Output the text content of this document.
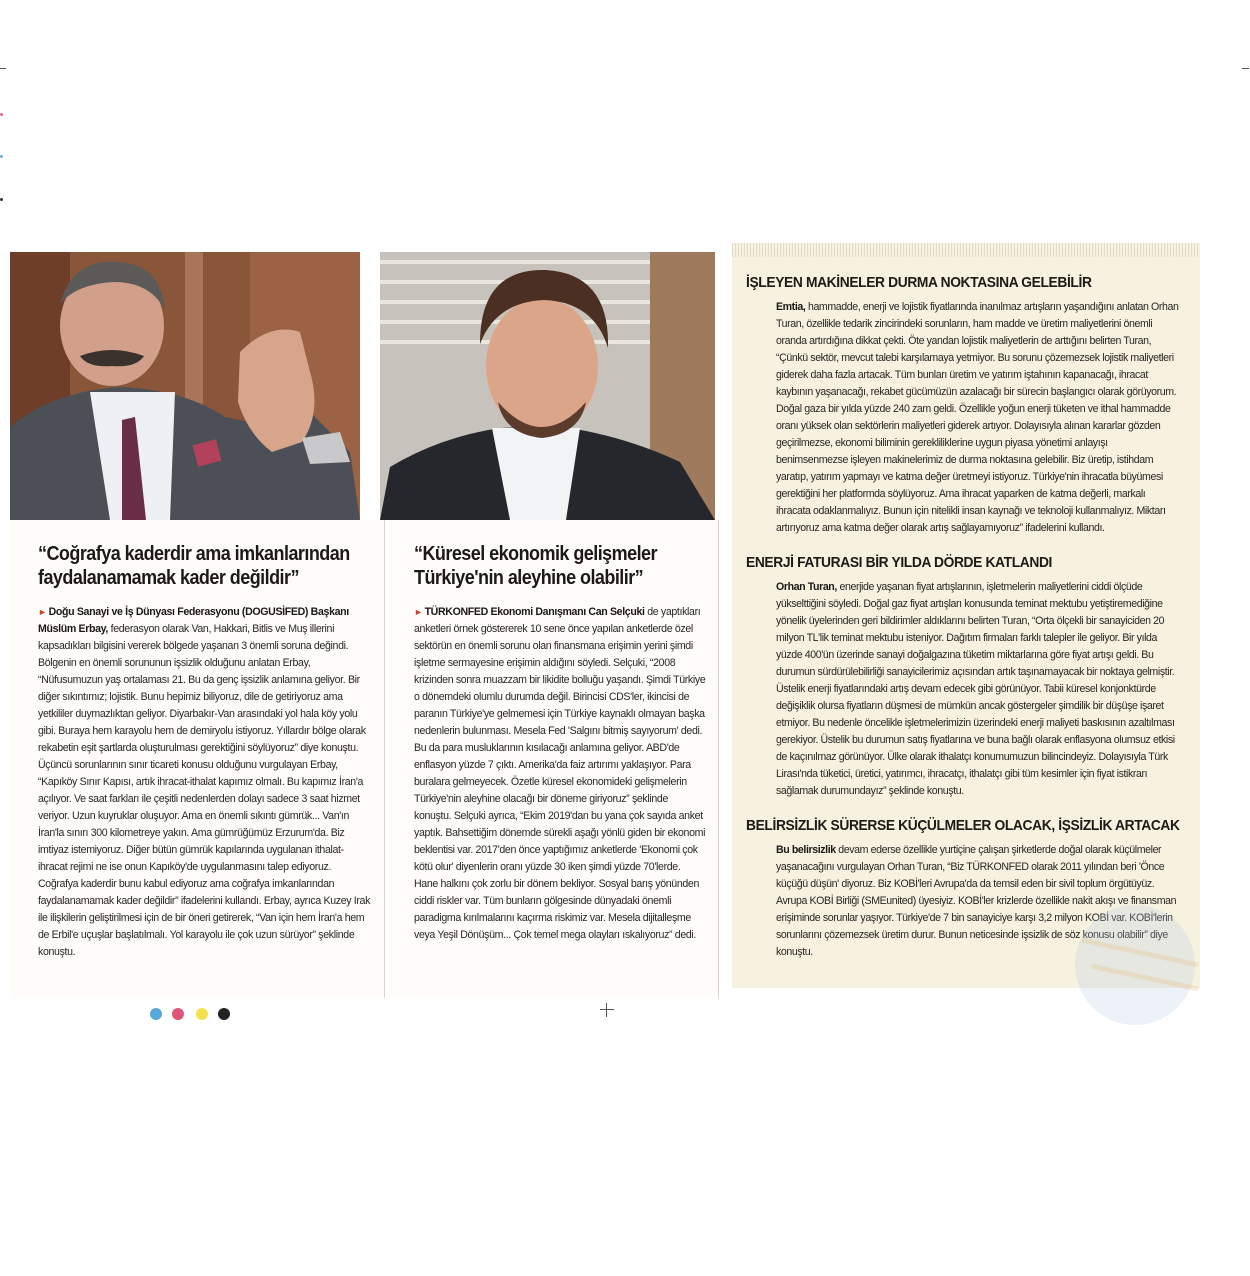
“Coğrafya kaderdir ama imkanlarından faydalanamamak kader değildir”
► Doğu Sanayi ve İş Dünyası Federasyonu (DOGUSİFED) Başkanı Müslüm Erbay, federasyon olarak Van, Hakkari, Bitlis ve Muş illerini kapsadıkları bilgisini vererek bölgede yaşanan 3 önemli soruna değindi. Bölgenin en önemli sorununun işsizlik olduğunu anlatan Erbay, “Nüfusumuzun yaş ortalaması 21. Bu da genç işsizlik anlamına geliyor. Bir diğer sıkıntımız; lojistik. Bunu hepimiz biliyoruz, dile de getiriyoruz ama yetkililer duymazlıktan geliyor. Diyarbakır-Van arasındaki yol hala köy yolu gibi. Buraya hem karayolu hem de demiryolu istiyoruz. Yıllardır bölge olarak rekabetin eşit şartlarda oluşturulması gerektiğini söylüyoruz” diye konuştu. Üçüncü sorunlarının sınır ticareti konusu olduğunu vurgulayan Erbay, “Kapıköy Sınır Kapısı, artık ihracat-ithalat kapımız olmalı. Bu kapımız İran'a açılıyor. Ve saat farkları ile çeşitli nedenlerden dolayı sadece 3 saat hizmet veriyor. Uzun kuyruklar oluşuyor. Ama en önemli sıkıntı gümrük... Van'ın İran'la sınırı 300 kilometreye yakın. Ama gümrüğümüz Erzurum'da. Biz imtiyaz istemiyoruz. Diğer bütün gümrük kapılarında uygulanan ithalat-ihracat rejimi ne ise onun Kapıköy'de uygulanmasını talep ediyoruz. Coğrafya kaderdir bunu kabul ediyoruz ama coğrafya imkanlarından faydalanamamak kader değildir” ifadelerini kullandı. Erbay, ayrıca Kuzey Irak ile ilişkilerin geliştirilmesi için de bir öneri getirerek, “Van için hem İran'a hem de Erbil'e uçuşlar başlatılmalı. Yol karayolu ile çok uzun sürüyor” şeklinde konuştu.
“Küresel ekonomik gelişmeler Türkiye'nin aleyhine olabilir”
► TÜRKONFED Ekonomi Danışmanı Can Selçuki de yaptıkları anketleri örnek göstererek 10 sene önce yapılan anketlerde özel sektörün en önemli sorunu olan finansmana erişimin yerini şimdi işletme sermayesine erişimin aldığını söyledi. Selçuki, “2008 krizinden sonra muazzam bir likidite bolluğu yaşandı. Şimdi Türkiye o dönemdeki olumlu durumda değil. Birincisi CDS'ler, ikincisi de paranın Türkiye'ye gelmemesi için Türkiye kaynaklı olmayan başka nedenlerin bulunması. Mesela Fed 'Salgını bitmiş sayıyorum' dedi. Bu da para musluklarının kısılacağı anlamına geliyor. ABD'de enflasyon yüzde 7 çıktı. Amerika'da faiz artırımı yaklaşıyor. Para buralara gelmeyecek. Özetle küresel ekonomideki gelişmelerin Türkiye'nin aleyhine olacağı bir döneme giriyoruz” şeklinde konuştu. Selçuki ayrıca, “Ekim 2019'dan bu yana çok sayıda anket yaptık. Bahsettiğim dönemde sürekli aşağı yönlü giden bir ekonomi beklentisi var. 2017'den önce yaptığımız anketlerde 'Ekonomi çok kötü olur' diyenlerin oranı yüzde 30 iken şimdi yüzde 70'lerde. Hane halkını çok zorlu bir dönem bekliyor. Sosyal barış yönünden ciddi riskler var. Tüm bunların gölgesinde dünyadaki önemli paradigma kırılmalarını kaçırma riskimiz var. Mesela dijitalleşme veya Yeşil Dönüşüm... Çok temel mega olayları ıskalıyoruz” dedi.
İŞLEYEN MAKİNELER DURMA NOKTASINA GELEBİLİR
Emtia, hammadde, enerji ve lojistik fiyatlarında inanılmaz artışların yaşandığını anlatan Orhan Turan, özellikle tedarik zincirindeki sorunların, ham madde ve üretim maliyetlerini önemli oranda artırdığına dikkat çekti. Öte yandan lojistik maliyetlerin de arttığını belirten Turan, “Çünkü sektör, mevcut talebi karşılamaya yetmiyor. Bu sorunu çözemezsek lojistik maliyetleri giderek daha fazla artacak. Tüm bunları üretim ve yatırım iştahının kapanacağı, ihracat kaybının yaşanacağı, rekabet gücümüzün azalacağı bir sürecin başlangıcı olarak görüyorum. Doğal gaza bir yılda yüzde 240 zam geldi. Özellikle yoğun enerji tüketen ve ithal hammadde oranı yüksek olan sektörlerin maliyetleri giderek artıyor. Dolayısıyla alınan kararlar gözden geçirilmezse, ekonomi biliminin gerekliliklerine uygun piyasa yönetimi anlayışı benimsenmezse işleyen makinelerimiz de durma noktasına gelebilir. Biz üretip, istihdam yaratıp, yatırım yapmayı ve katma değer üretmeyi istiyoruz. Türkiye'nin ihracatla büyümesi gerektiğini her platformda söylüyoruz. Ama ihracat yaparken de katma değerli, markalı ihracata odaklanmalıyız. Bunun için nitelikli insan kaynağı ve teknoloji kullanmalıyız. Miktarı artırıyoruz ama katma değer olarak artış sağlayamıyoruz” ifadelerini kullandı.
ENERJİ FATURASI BİR YILDA DÖRDE KATLANDI
Orhan Turan, enerjide yaşanan fiyat artışlarının, işletmelerin maliyetlerini ciddi ölçüde yükselttiğini söyledi. Doğal gaz fiyat artışları konusunda teminat mektubu yetiştiremediğine yönelik üyelerinden geri bildirimler aldıklarını belirten Turan, “Orta ölçekli bir sanayiciden 20 milyon TL'lik teminat mektubu isteniyor. Dağıtım firmaları farklı talepler ile geliyor. Bir yılda yüzde 400'ün üzerinde sanayi doğalgazına tüketim miktarlarına göre fiyat artışı geldi. Bu durumun sürdürülebilirliği sanayicilerimiz açısından artık taşınamayacak bir noktaya gelmiştir. Üstelik enerji fiyatlarındaki artış devam edecek gibi görünüyor. Tabii küresel konjonktürde değişiklik olursa fiyatların düşmesi de mümkün ancak göstergeler şimdilik bir düşüşe işaret etmiyor. Bu nedenle öncelikle işletmelerimizin üzerindeki enerji maliyeti baskısının azaltılması gerekiyor. Üstelik bu durumun satış fiyatlarına ve buna bağlı olarak enflasyona olumsuz etkisi de kaçınılmaz görünüyor. Ülke olarak ithalatçı konumumuzun bilincindeyiz. Dolayısıyla Türk Lirası'nda tüketici, üretici, yatırımcı, ihracatçı, ithalatçı gibi tüm kesimler için fiyat istikrarı sağlamak durumundayız” şeklinde konuştu.
BELİRSİZLİK SÜRERSE KÜÇÜLMELER OLACAK, İŞSİZLİK ARTACAK
Bu belirsizlik devam ederse özellikle yurtiçine çalışan şirketlerde doğal olarak küçülmeler yaşanacağını vurgulayan Orhan Turan, “Biz TÜRKONFED olarak 2011 yılından beri 'Önce küçüğü düşün' diyoruz. Biz KOBİ'leri Avrupa'da da temsil eden bir sivil toplum örgütüyüz. Avrupa KOBİ Birliği (SMEunited) üyesiyiz. KOBİ'ler krizlerde özellikle nakit akışı ve finansman erişiminde sorunlar yaşıyor. Türkiye'de 7 bin sanayiciye karşı 3,2 milyon KOBİ var. KOBİ'lerin sorunlarını çözemezsek üretim durur. Bunun neticesinde işsizlik de söz konusu olabilir” diye konuştu.
